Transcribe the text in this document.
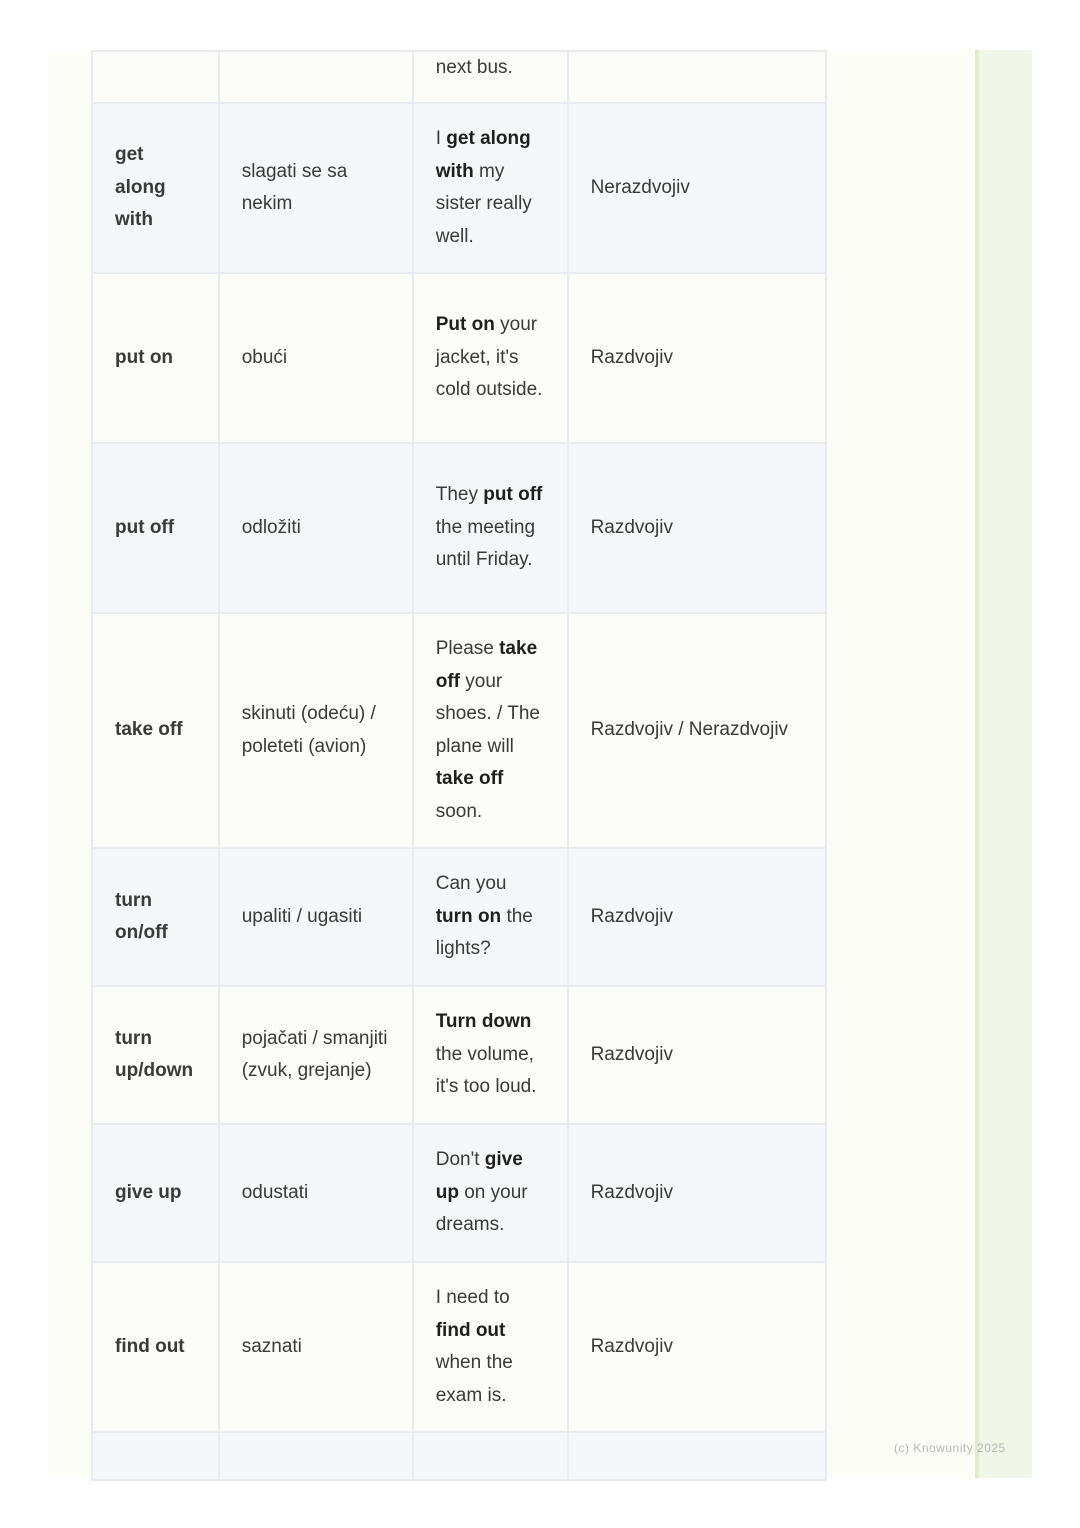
		next bus.	
get along with	slagati se sa nekim	I get along with my sister really well.	Nerazdvojiv
put on	obući	Put on your jacket, it's cold outside.	Razdvojiv
put off	odložiti	They put off the meeting until Friday.	Razdvojiv
take off	skinuti (odeću) / poleteti (avion)	Please take off your shoes. / The plane will take off soon.	Razdvojiv / Nerazdvojiv
turn on/off	upaliti / ugasiti	Can you turn on the lights?	Razdvojiv
turn up/down	pojačati / smanjiti (zvuk, grejanje)	Turn down the volume, it's too loud.	Razdvojiv
give up	odustati	Don't give up on your dreams.	Razdvojiv
find out	saznati	I need to find out when the exam is.	Razdvojiv

(c) Knowunity 2025
